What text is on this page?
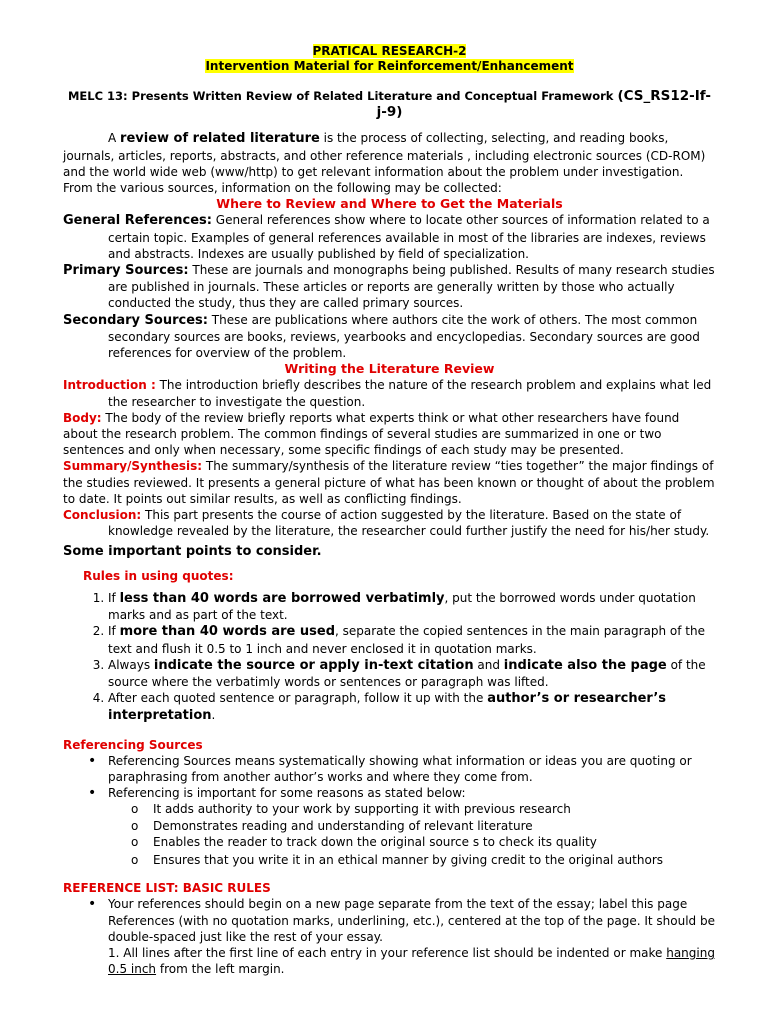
PRATICAL RESEARCH-2
Intervention Material for Reinforcement/Enhancement
MELC 13: Presents Written Review of Related Literature and Conceptual Framework (CS_RS12-If-j-9)

A review of related literature is the process of collecting, selecting, and reading books, journals, articles, reports, abstracts, and other reference materials , including electronic sources (CD-ROM) and the world wide web (www/http) to get relevant information about the problem under investigation. From the various sources, information on the following may be collected:

Where to Review and Where to Get the Materials

General References: General references show where to locate other sources of information related to a certain topic. Examples of general references available in most of the libraries are indexes, reviews and abstracts. Indexes are usually published by field of specialization.

Primary Sources: These are journals and monographs being published. Results of many research studies are published in journals. These articles or reports are generally written by those who actually conducted the study, thus they are called primary sources.

Secondary Sources: These are publications where authors cite the work of others. The most common secondary sources are books, reviews, yearbooks and encyclopedias. Secondary sources are good references for overview of the problem.

Writing the Literature Review

Introduction : The introduction briefly describes the nature of the research problem and explains what led the researcher to investigate the question.

Body: The body of the review briefly reports what experts think or what other researchers have found about the research problem. The common findings of several studies are summarized in one or two sentences and only when necessary, some specific findings of each study may be presented.

Summary/Synthesis: The summary/synthesis of the literature review “ties together” the major findings of the studies reviewed. It presents a general picture of what has been known or thought of about the problem to date. It points out similar results, as well as conflicting findings.

Conclusion: This part presents the course of action suggested by the literature. Based on the state of knowledge revealed by the literature, the researcher could further justify the need for his/her study.

Some important points to consider.
Rules in using quotes:
1. If less than 40 words are borrowed verbatimly, put the borrowed words under quotation marks and as part of the text.
2. If more than 40 words are used, separate the copied sentences in the main paragraph of the text and flush it 0.5 to 1 inch and never enclosed it in quotation marks.
3. Always indicate the source or apply in-text citation and indicate also the page of the source where the verbatimly words or sentences or paragraph was lifted.
4. After each quoted sentence or paragraph, follow it up with the author’s or researcher’s interpretation.
Referencing Sources
• Referencing Sources means systematically showing what information or ideas you are quoting or paraphrasing from another author’s works and where they come from.
• Referencing is important for some reasons as stated below:
o It adds authority to your work by supporting it with previous research
o Demonstrates reading and understanding of relevant literature
o Enables the reader to track down the original source s to check its quality
o Ensures that you write it in an ethical manner by giving credit to the original authors
REFERENCE LIST: BASIC RULES
• Your references should begin on a new page separate from the text of the essay; label this page References (with no quotation marks, underlining, etc.), centered at the top of the page. It should be double-spaced just like the rest of your essay.
1. All lines after the first line of each entry in your reference list should be indented or make hanging 0.5 inch from the left margin.
